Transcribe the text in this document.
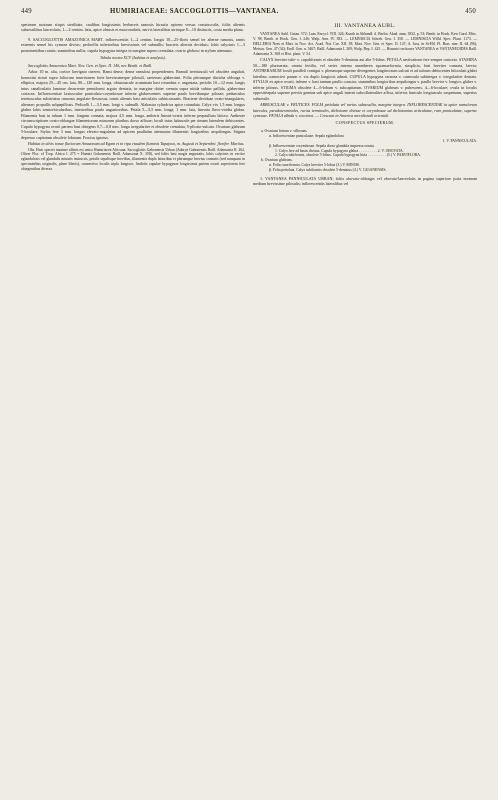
449	HUMIRIACEAE: SACCOGLOTTIS—VANTANEA.	450

specimen nostrum stirpis sterilitate, caulibus longissimis herbaceis ramosis hirsutis apicem versus crassiusculis, foliis alternis subsessilibus lanceolatis, 1—2 centim. latis, apice obtusis et mucronulatis, nervis lateralibus utrinque 8—10 distinctis, costa media plana.

9. SACCOGLOTTIS AMAZONICA MART. inflorescentiis 1—2 centim. longis 10—25-floris semel ter alterne ramosis, ramis extremis semel bis cymose divisis; pedicellis inferioribus brevissimis vel subnullis; bracteis alternis deciduis; lobis calycinis 1—3 prominentibus rotatis; staminibus nullis; cupula hypogyna integra in margine supero crenulata; ovario globoso in stylum attenuato.

Tabula nostra XCV (habitus et analysis).

Saccoglottis Amazonica Mart. Nov. Gen. et Spec. II. 146, nec Benth. et Baill.

Arbor 10 m. alta, cortice laevigato cinereo. Rami dense, dense ramulosi propendentes. Ramuli teretiusculi vel obsolete angulati, hornotini striati supra foliorum insertionem forte brevissimeque pilosuli, caeterum glaberrimi. Folia plerumque disticha oblonga v. elliptica, majora 25—45 cm. lata, 80—120 mm. longa, obtusiuscule acuminata basi rotundata v. angustata, petiolis 10—12 mm. longis intus canaliculatis laminae decurrente penniformi arguto dentatis, in margine obiter crenata supra nitida subtus pallida, glaberrima coriacea. Inflorescentiae laxiusculae paniculato-corymbosae inferne glabrescentes superne paulo brevibusque pilosae; pedunculus teretiusculus substriatus ramosus angulato-flexuosus, ramis alternis basi articulatis subincrassatis. Bracteae deciduae ovato-triangulares, alternae; propullis subpapillosis. Pedicelli 1—3,5 mm. longi v. subnulli. Alabastra cylindrica apice rotundata. Calyx vix 1,5 mm. longus glaber lobis semiorbicularibus, interioribus paulo angustioribus. Petala 5—5,5 mm. longa, 1 mm. lata, linearia flavo-viridia glabra. Filamenta basi in tubum 1 mm. longum connata, majora 4,5 mm. longa, antheris lineari-ovatis inferne perpaullum latiora. Antherae circumscriptione ovato-oblongae filamentorum minorum pluribus dorso affixae; loculi intus latiuscule per rimam lateralem dehiscentes. Cupula hypogyna ovarii partem basi obtegens 0,7—0,8 mm. longa irregulariter et obsolete crenulata, 5-plicato-sulcata. Ovarium glabrum 5-loculare. Stylus fere 3 mm. longus elevato-angulatus ad apicem paullatim attenuatus filamentis longioribus aequilongus. Stigma depresso capitatum obsolete lobatum. Fructus ignotus.

Habitat in silvis ionae fluviorum Amazonum ad Egam et in ripa eiusdem fluminis Tapajoso, m. Augusti et Septembri. florifer. Martius.

Obs. Huic speciei maxime affinis est unica Humiriacea Africana: Saccoglottis Gabonensis Urban (Aubrya Gabonensis Baill. Adansonia II. 262, Oliver Flor. of Trop. Africa I. 275 = Humiri Gabonensis Baill. Adansonia X. 358), sed foliis basi magis angustatis, lobis calycinis in vertice eglandulosis vel glandulis minutis instructis, petalis sepalisque brevibus, filamentis duplo latioribus et plerumque brevius connatis (sed nunquam in speciminibus originalis, plane liberis), connectivo loculis triplo longiore, fimbriis cupulae hypogynae longissimis partem ovarii superiorem fere obtegentibus diversa.

III. VANTANEA AUBL.

VANTANEA Aubl. Guian. 572; Lam. Encycl. VIII. 324; Kunth in Abhandl. d. Berlin. Akad. anno 1832, p. 53; Benth. in Hook. Kew Gard. Misc. V. 98; Benth. et Hook. Gen. I. 246; Walp. Ann. IV. 383. — LEMNISCIA Schreb. Gen. I. 358. — LEMNISCIA Willd. Spec. Plant. 1173. — HELLERIA Nees et Mart. in Nov. Act. Acad. Nat. Cur. XII. 38; Mart. Nov. Gen. et Spec. II. 147; A. Juss. in St-Hil. Fl. Bras. mer. II. 64 (96); Meissn. Gen. 47 (34); Endl. Gen. n. 5467; Baill. Adansonia I. 209; Walp. Rep. I. 425. — Houmiri sectiones VANTANEA et VANTANEOIDES Baill. Adansonia X. 368 et Hist. plant. V. 54.

CALYX breviter tubi- v. cupuliformis et obsolete 5-dentatus aut alte 5-lobus. PETALA aestivatione fere semper contorta. STAMINA 50—180 pluriserata, omnia fertilia, vel series interna anantherea squamaeformia, simplicia, basi breviter connata, laevia; ANTHERARUM loculi paralleli contigui v. plerumque superne divergentes longitrorsum sulcati et ad sulcum dehiscentes biloculati glabri lateribus connectivi parum v. vix duplo longioris adnati. CUPULA hypogyna carnosa v. carnosula subintegra v. irregulariter dentata. STYLUS ex apice ovarii, inferne v. basi tantum paullo crassior, staminibus longioribus aequilongus v. paullo brevior v. longior, glaber v. inferne pilosus. STIGMA obsolete 4—6-lobum v. subcapitatum. OVARIUM glabrum v. pubescens, 4—6-loculare; ovula in loculis oppositisepala superne perviis gemina sub apice anguli interni subcollateraliter affixa, inferius funiculo longiusculo suspensum, superius subsessile.

ARBUSCULAE v. FRUTICES. FOLIA petiolata vel rarius subsessilia, margine integra. INFLORESCENTIAE in apice ramulorum laterales, pseudoterminales, rarius terminales, dichotome divisae et corymbosae ad dichotomias articulatae, raro paniculatae, superne cymosae. PETALA albida v. coccinea. — Crescunt in America meridionali orientali.

CONSPECTUS SPECIERUM.
a. Ovarium hirtum v. villosum.
α. Inflorescentiae paniculatae. Sepala eglandulosa
1. V. PANNICULATA.
β. Inflorescentiae corymbosae. Sepala dorso glandula impressa ornata.
1. Calyx fere ad basin divisus. Cupula hypogyna glabra . . . . . . . . . . 2. V. OBOVATA.
2. Calyx tubiformis, obsolete 5-lobus. Cupula hypogyna hirta . . . . . . . . . . (5.) V. PARVIFLORA.
b. Ovarium glabrum.
α. Folia cuneiformia. Calyx breviter 5-lobus (3.) V. MINOR.
β. Folia petiolata. Calyx tubiformis obsolete 5-dentatus (4.) V. GUIANENSIS.

1. VANTANEA PANNICULATA URBAN; foliis obovato-oblongis vel obovato-lanceolatis in pagina superiore juxta normam medium brevissime pilosulis; inflorescentiis lateralibus vel
